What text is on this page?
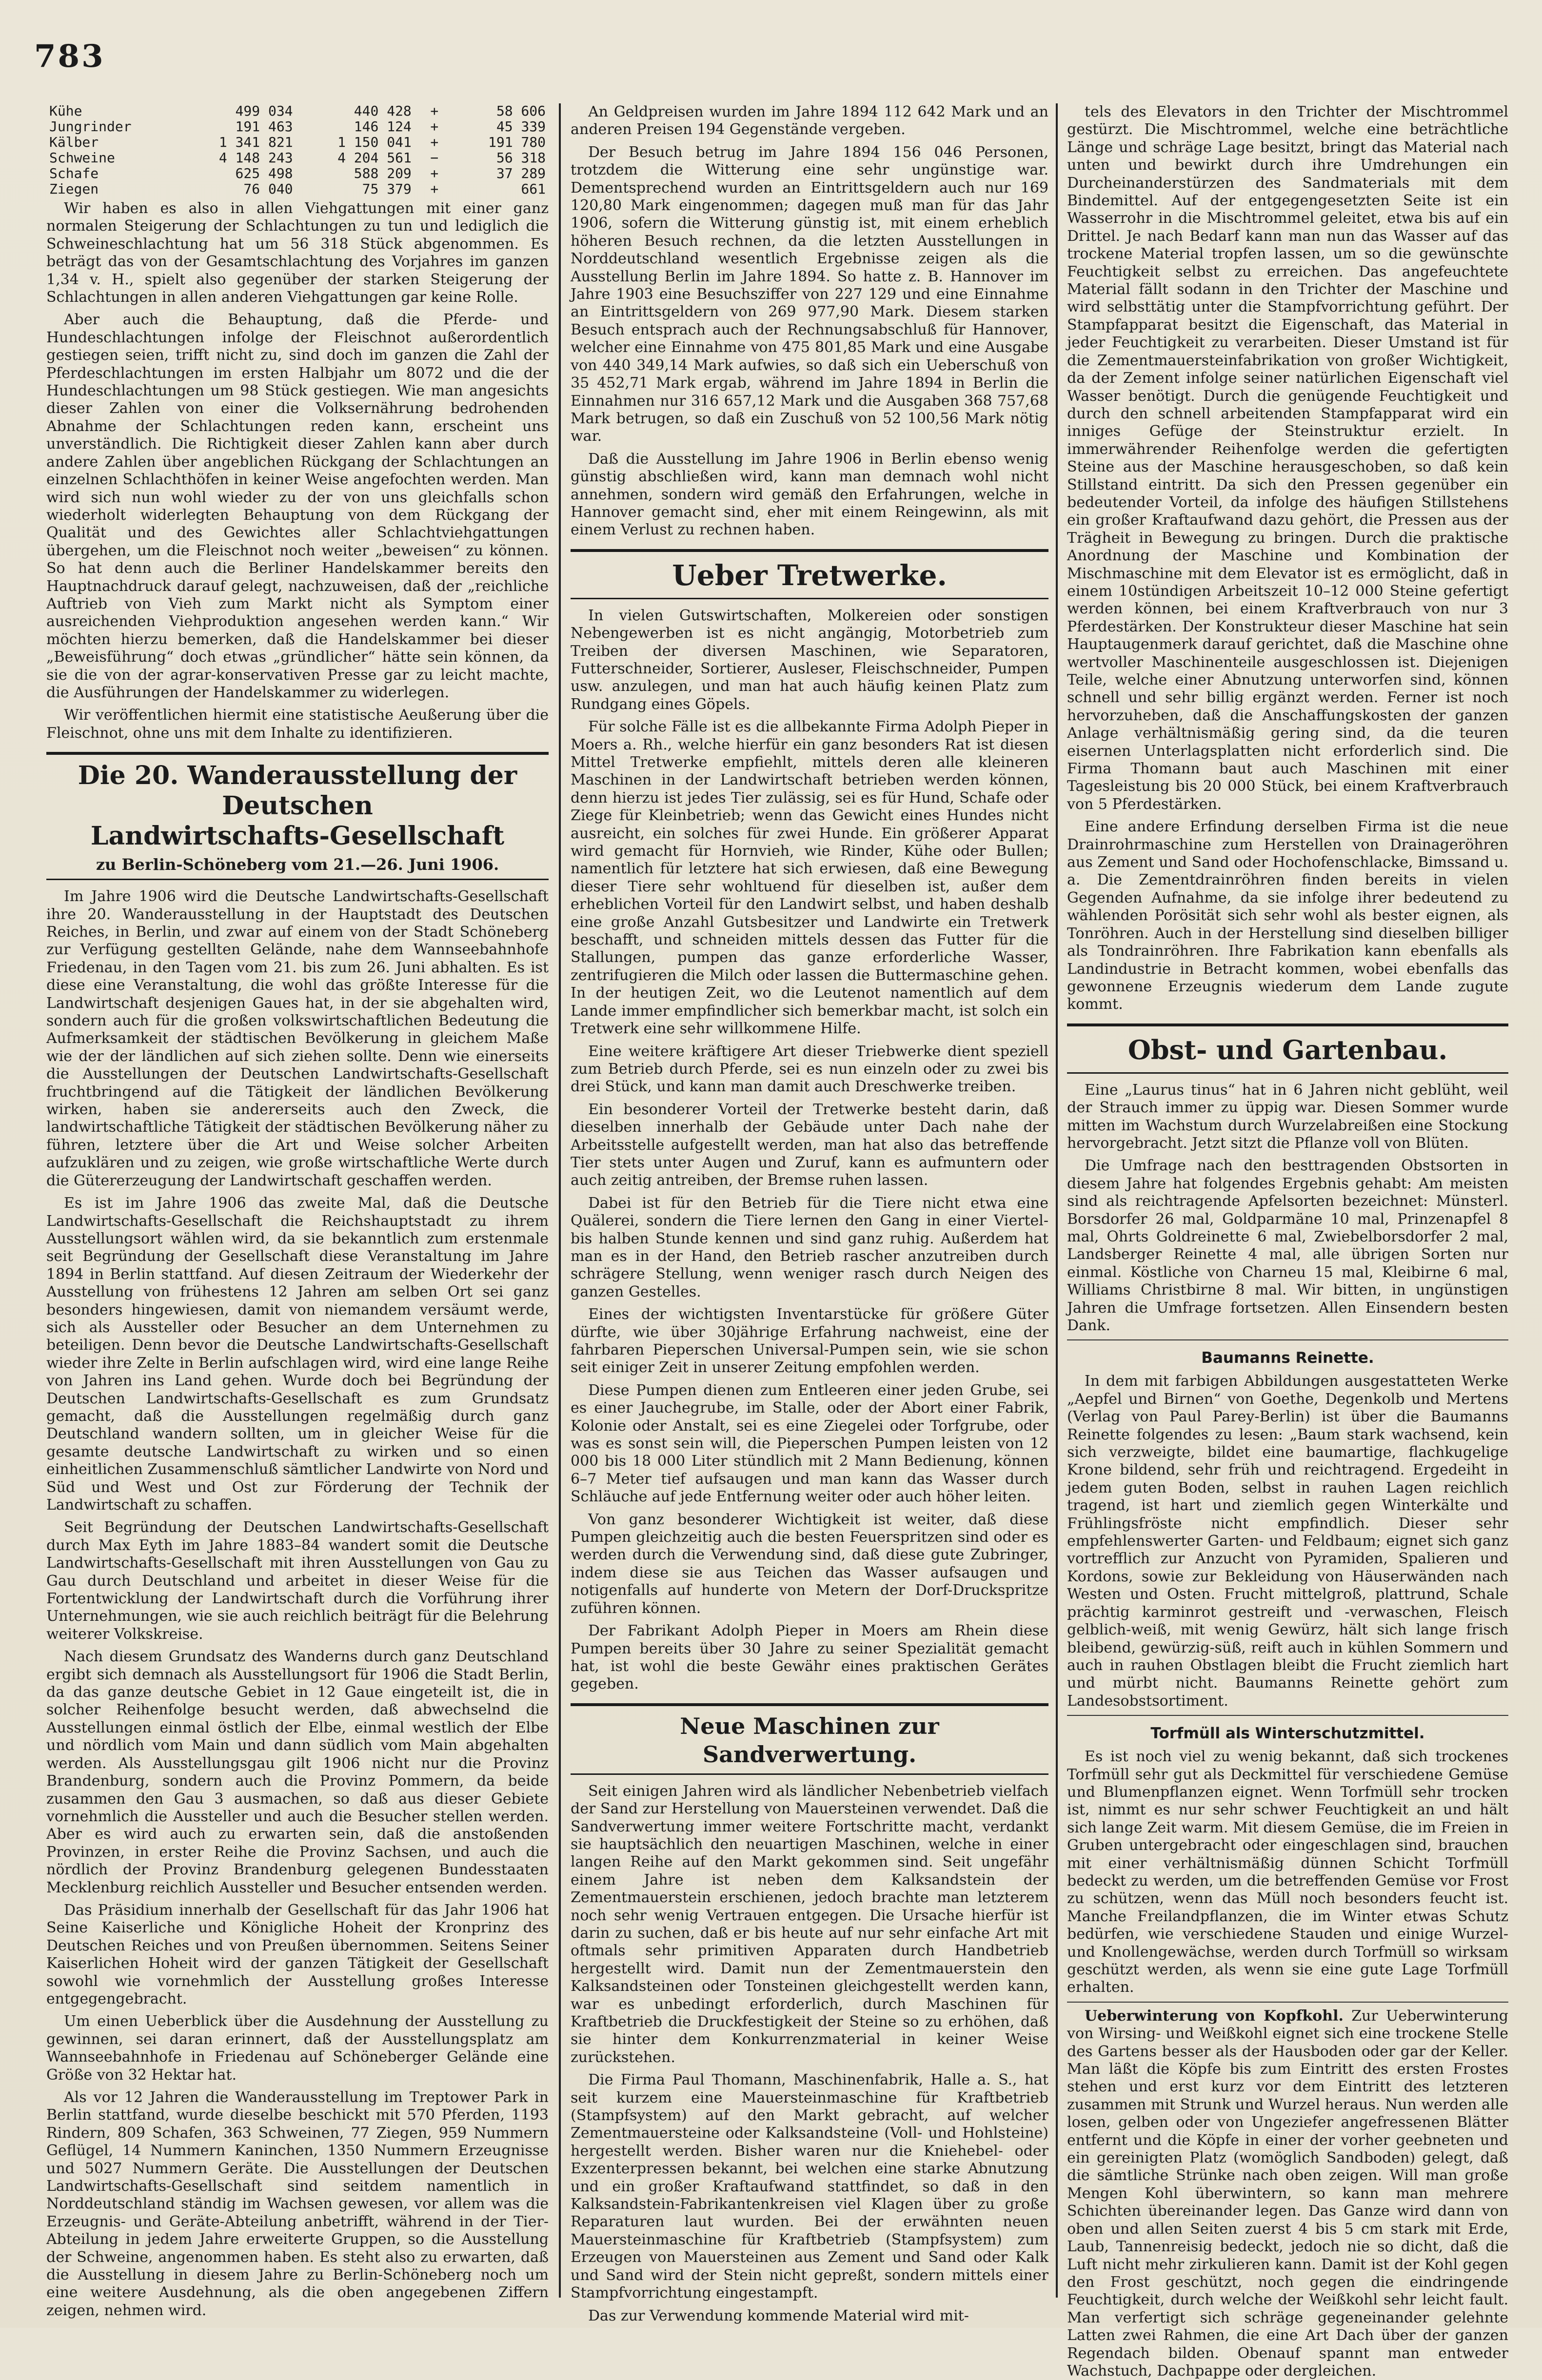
783
Kühe	499 034	440 428	+	58 606
Jungrinder	191 463	146 124	+	45 339
Kälber	1 341 821	1 150 041	+	191 780
Schweine	4 148 243	4 204 561	−	56 318
Schafe	625 498	588 209	+	37 289
Ziegen	76 040	75 379	+	661

Wir haben es also in allen Viehgattungen mit einer ganz normalen Steigerung der Schlachtungen zu tun und lediglich die Schweineschlachtung hat um 56 318 Stück abgenommen. Es beträgt das von der Gesamtschlachtung des Vorjahres im ganzen 1,34 v. H., spielt also gegenüber der starken Steigerung der Schlachtungen in allen anderen Viehgattungen gar keine Rolle.

Aber auch die Behauptung, daß die Pferde- und Hundeschlachtungen infolge der Fleischnot außerordentlich gestiegen seien, trifft nicht zu, sind doch im ganzen die Zahl der Pferdeschlachtungen im ersten Halbjahr um 8072 und die der Hundeschlachtungen um 98 Stück gestiegen. Wie man angesichts dieser Zahlen von einer die Volksernährung bedrohenden Abnahme der Schlachtungen reden kann, erscheint uns unverständlich. Die Richtigkeit dieser Zahlen kann aber durch andere Zahlen über angeblichen Rückgang der Schlachtungen an einzelnen Schlachthöfen in keiner Weise angefochten werden. Man wird sich nun wohl wieder zu der von uns gleichfalls schon wiederholt widerlegten Behauptung von dem Rückgang der Qualität und des Gewichtes aller Schlachtviehgattungen übergehen, um die Fleischnot noch weiter „beweisen“ zu können. So hat denn auch die Berliner Handelskammer bereits den Hauptnachdruck darauf gelegt, nachzuweisen, daß der „reichliche Auftrieb von Vieh zum Markt nicht als Symptom einer ausreichenden Viehproduktion angesehen werden kann.“ Wir möchten hierzu bemerken, daß die Handelskammer bei dieser „Beweisführung“ doch etwas „gründlicher“ hätte sein können, da sie die von der agrar-konservativen Presse gar zu leicht machte, die Ausführungen der Handelskammer zu widerlegen.

Wir veröffentlichen hiermit eine statistische Aeußerung über die Fleischnot, ohne uns mit dem Inhalte zu identifizieren.

Die 20. Wanderausstellung der Deutschen
Landwirtschafts-Gesellschaft
zu Berlin-Schöneberg vom 21.—26. Juni 1906.

Im Jahre 1906 wird die Deutsche Landwirtschafts-Gesellschaft ihre 20. Wanderausstellung in der Hauptstadt des Deutschen Reiches, in Berlin, und zwar auf einem von der Stadt Schöneberg zur Verfügung gestellten Gelände, nahe dem Wannseebahnhofe Friedenau, in den Tagen vom 21. bis zum 26. Juni abhalten. Es ist diese eine Veranstaltung, die wohl das größte Interesse für die Landwirtschaft desjenigen Gaues hat, in der sie abgehalten wird, sondern auch für die großen volkswirtschaftlichen Bedeutung die Aufmerksamkeit der städtischen Bevölkerung in gleichem Maße wie der der ländlichen auf sich ziehen sollte. Denn wie einerseits die Ausstellungen der Deutschen Landwirtschafts-Gesellschaft fruchtbringend auf die Tätigkeit der ländlichen Bevölkerung wirken, haben sie andererseits auch den Zweck, die landwirtschaftliche Tätigkeit der städtischen Bevölkerung näher zu führen, letztere über die Art und Weise solcher Arbeiten aufzuklären und zu zeigen, wie große wirtschaftliche Werte durch die Gütererzeugung der Landwirtschaft geschaffen werden.

Es ist im Jahre 1906 das zweite Mal, daß die Deutsche Landwirtschafts-Gesellschaft die Reichshauptstadt zu ihrem Ausstellungsort wählen wird, da sie bekanntlich zum erstenmale seit Begründung der Gesellschaft diese Veranstaltung im Jahre 1894 in Berlin stattfand. Auf diesen Zeitraum der Wiederkehr der Ausstellung von frühestens 12 Jahren am selben Ort sei ganz besonders hingewiesen, damit von niemandem versäumt werde, sich als Aussteller oder Besucher an dem Unternehmen zu beteiligen. Denn bevor die Deutsche Landwirtschafts-Gesellschaft wieder ihre Zelte in Berlin aufschlagen wird, wird eine lange Reihe von Jahren ins Land gehen. Wurde doch bei Begründung der Deutschen Landwirtschafts-Gesellschaft es zum Grundsatz gemacht, daß die Ausstellungen regelmäßig durch ganz Deutschland wandern sollten, um in gleicher Weise für die gesamte deutsche Landwirtschaft zu wirken und so einen einheitlichen Zusammenschluß sämtlicher Landwirte von Nord und Süd und West und Ost zur Förderung der Technik der Landwirtschaft zu schaffen.

Seit Begründung der Deutschen Landwirtschafts-Gesellschaft durch Max Eyth im Jahre 1883–84 wandert somit die Deutsche Landwirtschafts-Gesellschaft mit ihren Ausstellungen von Gau zu Gau durch Deutschland und arbeitet in dieser Weise für die Fortentwicklung der Landwirtschaft durch die Vorführung ihrer Unternehmungen, wie sie auch reichlich beiträgt für die Belehrung weiterer Volkskreise.

Nach diesem Grundsatz des Wanderns durch ganz Deutschland ergibt sich demnach als Ausstellungsort für 1906 die Stadt Berlin, da das ganze deutsche Gebiet in 12 Gaue eingeteilt ist, die in solcher Reihenfolge besucht werden, daß abwechselnd die Ausstellungen einmal östlich der Elbe, einmal westlich der Elbe und nördlich vom Main und dann südlich vom Main abgehalten werden. Als Ausstellungsgau gilt 1906 nicht nur die Provinz Brandenburg, sondern auch die Provinz Pommern, da beide zusammen den Gau 3 ausmachen, so daß aus dieser Gebiete vornehmlich die Aussteller und auch die Besucher stellen werden. Aber es wird auch zu erwarten sein, daß die anstoßenden Provinzen, in erster Reihe die Provinz Sachsen, und auch die nördlich der Provinz Brandenburg gelegenen Bundesstaaten Mecklenburg reichlich Aussteller und Besucher entsenden werden.

Das Präsidium innerhalb der Gesellschaft für das Jahr 1906 hat Seine Kaiserliche und Königliche Hoheit der Kronprinz des Deutschen Reiches und von Preußen übernommen. Seitens Seiner Kaiserlichen Hoheit wird der ganzen Tätigkeit der Gesellschaft sowohl wie vornehmlich der Ausstellung großes Interesse entgegengebracht.

Um einen Ueberblick über die Ausdehnung der Ausstellung zu gewinnen, sei daran erinnert, daß der Ausstellungsplatz am Wannseebahnhofe in Friedenau auf Schöneberger Gelände eine Größe von 32 Hektar hat.

Als vor 12 Jahren die Wanderausstellung im Treptower Park in Berlin stattfand, wurde dieselbe beschickt mit 570 Pferden, 1193 Rindern, 809 Schafen, 363 Schweinen, 77 Ziegen, 959 Nummern Geflügel, 14 Nummern Kaninchen, 1350 Nummern Erzeugnisse und 5027 Nummern Geräte. Die Ausstellungen der Deutschen Landwirtschafts-Gesellschaft sind seitdem namentlich in Norddeutschland ständig im Wachsen gewesen, vor allem was die Erzeugnis- und Geräte-Abteilung anbetrifft, während in der Tier-Abteilung in jedem Jahre erweiterte Gruppen, so die Ausstellung der Schweine, angenommen haben. Es steht also zu erwarten, daß die Ausstellung in diesem Jahre zu Berlin-Schöneberg noch um eine weitere Ausdehnung, als die oben angegebenen Ziffern zeigen, nehmen wird.

An Geldpreisen wurden im Jahre 1894 112 642 Mark und an anderen Preisen 194 Gegenstände vergeben.

Der Besuch betrug im Jahre 1894 156 046 Personen, trotzdem die Witterung eine sehr ungünstige war. Dementsprechend wurden an Eintrittsgeldern auch nur 169 120,80 Mark eingenommen; dagegen muß man für das Jahr 1906, sofern die Witterung günstig ist, mit einem erheblich höheren Besuch rechnen, da die letzten Ausstellungen in Norddeutschland wesentlich Ergebnisse zeigen als die Ausstellung Berlin im Jahre 1894. So hatte z. B. Hannover im Jahre 1903 eine Besuchsziffer von 227 129 und eine Einnahme an Eintrittsgeldern von 269 977,90 Mark. Diesem starken Besuch entsprach auch der Rechnungsabschluß für Hannover, welcher eine Einnahme von 475 801,85 Mark und eine Ausgabe von 440 349,14 Mark aufwies, so daß sich ein Ueberschuß von 35 452,71 Mark ergab, während im Jahre 1894 in Berlin die Einnahmen nur 316 657,12 Mark und die Ausgaben 368 757,68 Mark betrugen, so daß ein Zuschuß von 52 100,56 Mark nötig war.

Daß die Ausstellung im Jahre 1906 in Berlin ebenso wenig günstig abschließen wird, kann man demnach wohl nicht annehmen, sondern wird gemäß den Erfahrungen, welche in Hannover gemacht sind, eher mit einem Reingewinn, als mit einem Verlust zu rechnen haben.

Ueber Tretwerke.

In vielen Gutswirtschaften, Molkereien oder sonstigen Nebengewerben ist es nicht angängig, Motorbetrieb zum Treiben der diversen Maschinen, wie Separatoren, Futterschneider, Sortierer, Ausleser, Fleischschneider, Pumpen usw. anzulegen, und man hat auch häufig keinen Platz zum Rundgang eines Göpels.

Für solche Fälle ist es die allbekannte Firma Adolph Pieper in Moers a. Rh., welche hierfür ein ganz besonders Rat ist diesen Mittel Tretwerke empfiehlt, mittels deren alle kleineren Maschinen in der Landwirtschaft betrieben werden können, denn hierzu ist jedes Tier zulässig, sei es für Hund, Schafe oder Ziege für Kleinbetrieb; wenn das Gewicht eines Hundes nicht ausreicht, ein solches für zwei Hunde. Ein größerer Apparat wird gemacht für Hornvieh, wie Rinder, Kühe oder Bullen; namentlich für letztere hat sich erwiesen, daß eine Bewegung dieser Tiere sehr wohltuend für dieselben ist, außer dem erheblichen Vorteil für den Landwirt selbst, und haben deshalb eine große Anzahl Gutsbesitzer und Landwirte ein Tretwerk beschafft, und schneiden mittels dessen das Futter für die Stallungen, pumpen das ganze erforderliche Wasser, zentrifugieren die Milch oder lassen die Buttermaschine gehen. In der heutigen Zeit, wo die Leutenot namentlich auf dem Lande immer empfindlicher sich bemerkbar macht, ist solch ein Tretwerk eine sehr willkommene Hilfe.

Eine weitere kräftigere Art dieser Triebwerke dient speziell zum Betrieb durch Pferde, sei es nun einzeln oder zu zwei bis drei Stück, und kann man damit auch Dreschwerke treiben.

Ein besonderer Vorteil der Tretwerke besteht darin, daß dieselben innerhalb der Gebäude unter Dach nahe der Arbeitsstelle aufgestellt werden, man hat also das betreffende Tier stets unter Augen und Zuruf, kann es aufmuntern oder auch zeitig antreiben, der Bremse ruhen lassen.

Dabei ist für den Betrieb für die Tiere nicht etwa eine Quälerei, sondern die Tiere lernen den Gang in einer Viertel- bis halben Stunde kennen und sind ganz ruhig. Außerdem hat man es in der Hand, den Betrieb rascher anzutreiben durch schrägere Stellung, wenn weniger rasch durch Neigen des ganzen Gestelles.

Eines der wichtigsten Inventarstücke für größere Güter dürfte, wie über 30jährige Erfahrung nachweist, eine der fahrbaren Pieperschen Universal-Pumpen sein, wie sie schon seit einiger Zeit in unserer Zeitung empfohlen werden.

Diese Pumpen dienen zum Entleeren einer jeden Grube, sei es einer Jauchegrube, im Stalle, oder der Abort einer Fabrik, Kolonie oder Anstalt, sei es eine Ziegelei oder Torfgrube, oder was es sonst sein will, die Pieperschen Pumpen leisten von 12 000 bis 18 000 Liter stündlich mit 2 Mann Bedienung, können 6–7 Meter tief aufsaugen und man kann das Wasser durch Schläuche auf jede Entfernung weiter oder auch höher leiten.

Von ganz besonderer Wichtigkeit ist weiter, daß diese Pumpen gleichzeitig auch die besten Feuerspritzen sind oder es werden durch die Verwendung sind, daß diese gute Zubringer, indem diese sie aus Teichen das Wasser aufsaugen und notigenfalls auf hunderte von Metern der Dorf-Druckspritze zuführen können.

Der Fabrikant Adolph Pieper in Moers am Rhein diese Pumpen bereits über 30 Jahre zu seiner Spezialität gemacht hat, ist wohl die beste Gewähr eines praktischen Gerätes gegeben.

Neue Maschinen zur Sandverwertung.

Seit einigen Jahren wird als ländlicher Nebenbetrieb vielfach der Sand zur Herstellung von Mauersteinen verwendet. Daß die Sandverwertung immer weitere Fortschritte macht, verdankt sie hauptsächlich den neuartigen Maschinen, welche in einer langen Reihe auf den Markt gekommen sind. Seit ungefähr einem Jahre ist neben dem Kalksandstein der Zementmauerstein erschienen, jedoch brachte man letzterem noch sehr wenig Vertrauen entgegen. Die Ursache hierfür ist darin zu suchen, daß er bis heute auf nur sehr einfache Art mit oftmals sehr primitiven Apparaten durch Handbetrieb hergestellt wird. Damit nun der Zementmauerstein den Kalksandsteinen oder Tonsteinen gleichgestellt werden kann, war es unbedingt erforderlich, durch Maschinen für Kraftbetrieb die Druckfestigkeit der Steine so zu erhöhen, daß sie hinter dem Konkurrenzmaterial in keiner Weise zurückstehen.

Die Firma Paul Thomann, Maschinenfabrik, Halle a. S., hat seit kurzem eine Mauersteinmaschine für Kraftbetrieb (Stampfsystem) auf den Markt gebracht, auf welcher Zementmauersteine oder Kalksandsteine (Voll- und Hohlsteine) hergestellt werden. Bisher waren nur die Kniehebel- oder Exzenterpressen bekannt, bei welchen eine starke Abnutzung und ein großer Kraftaufwand stattfindet, so daß in den Kalksandstein-Fabrikantenkreisen viel Klagen über zu große Reparaturen laut wurden. Bei der erwähnten neuen Mauersteinmaschine für Kraftbetrieb (Stampfsystem) zum Erzeugen von Mauersteinen aus Zement und Sand oder Kalk und Sand wird der Stein nicht gepreßt, sondern mittels einer Stampfvorrichtung eingestampft.

Das zur Verwendung kommende Material wird mit-

tels des Elevators in den Trichter der Mischtrommel gestürzt. Die Mischtrommel, welche eine beträchtliche Länge und schräge Lage besitzt, bringt das Material nach unten und bewirkt durch ihre Umdrehungen ein Durcheinanderstürzen des Sandmaterials mit dem Bindemittel. Auf der entgegengesetzten Seite ist ein Wasserrohr in die Mischtrommel geleitet, etwa bis auf ein Drittel. Je nach Bedarf kann man nun das Wasser auf das trockene Material tropfen lassen, um so die gewünschte Feuchtigkeit selbst zu erreichen. Das angefeuchtete Material fällt sodann in den Trichter der Maschine und wird selbsttätig unter die Stampfvorrichtung geführt. Der Stampfapparat besitzt die Eigenschaft, das Material in jeder Feuchtigkeit zu verarbeiten. Dieser Umstand ist für die Zementmauersteinfabrikation von großer Wichtigkeit, da der Zement infolge seiner natürlichen Eigenschaft viel Wasser benötigt. Durch die genügende Feuchtigkeit und durch den schnell arbeitenden Stampfapparat wird ein inniges Gefüge der Steinstruktur erzielt. In immerwährender Reihenfolge werden die gefertigten Steine aus der Maschine herausgeschoben, so daß kein Stillstand eintritt. Da sich den Pressen gegenüber ein bedeutender Vorteil, da infolge des häufigen Stillstehens ein großer Kraftaufwand dazu gehört, die Pressen aus der Trägheit in Bewegung zu bringen. Durch die praktische Anordnung der Maschine und Kombination der Mischmaschine mit dem Elevator ist es ermöglicht, daß in einem 10stündigen Arbeitszeit 10–12 000 Steine gefertigt werden können, bei einem Kraftverbrauch von nur 3 Pferdestärken. Der Konstrukteur dieser Maschine hat sein Hauptaugenmerk darauf gerichtet, daß die Maschine ohne wertvoller Maschinenteile ausgeschlossen ist. Diejenigen Teile, welche einer Abnutzung unterworfen sind, können schnell und sehr billig ergänzt werden. Ferner ist noch hervorzuheben, daß die Anschaffungskosten der ganzen Anlage verhältnismäßig gering sind, da die teuren eisernen Unterlagsplatten nicht erforderlich sind. Die Firma Thomann baut auch Maschinen mit einer Tagesleistung bis 20 000 Stück, bei einem Kraftverbrauch von 5 Pferdestärken.

Eine andere Erfindung derselben Firma ist die neue Drainrohrmaschine zum Herstellen von Drainageröhren aus Zement und Sand oder Hochofenschlacke, Bimssand u. a. Die Zementdrainröhren finden bereits in vielen Gegenden Aufnahme, da sie infolge ihrer bedeutend zu wählenden Porösität sich sehr wohl als bester eignen, als Tonröhren. Auch in der Herstellung sind dieselben billiger als Tondrainröhren. Ihre Fabrikation kann ebenfalls als Landindustrie in Betracht kommen, wobei ebenfalls das gewonnene Erzeugnis wiederum dem Lande zugute kommt.

Obst- und Gartenbau.

Eine „Laurus tinus“ hat in 6 Jahren nicht geblüht, weil der Strauch immer zu üppig war. Diesen Sommer wurde mitten im Wachstum durch Wurzelabreißen eine Stockung hervorgebracht. Jetzt sitzt die Pflanze voll von Blüten.

Die Umfrage nach den besttragenden Obstsorten in diesem Jahre hat folgendes Ergebnis gehabt: Am meisten sind als reichtragende Apfelsorten bezeichnet: Münsterl. Borsdorfer 26 mal, Goldparmäne 10 mal, Prinzenapfel 8 mal, Ohrts Goldreinette 6 mal, Zwiebelborsdorfer 2 mal, Landsberger Reinette 4 mal, alle übrigen Sorten nur einmal. Köstliche von Charneu 15 mal, Kleibirne 6 mal, Williams Christbirne 8 mal. Wir bitten, in ungünstigen Jahren die Umfrage fortsetzen. Allen Einsendern besten Dank.

Baumanns Reinette.

In dem mit farbigen Abbildungen ausgestatteten Werke „Aepfel und Birnen“ von Goethe, Degenkolb und Mertens (Verlag von Paul Parey-Berlin) ist über die Baumanns Reinette folgendes zu lesen: „Baum stark wachsend, kein sich verzweigte, bildet eine baumartige, flachkugelige Krone bildend, sehr früh und reichtragend. Ergedeiht in jedem guten Boden, selbst in rauhen Lagen reichlich tragend, ist hart und ziemlich gegen Winterkälte und Frühlingsfröste nicht empfindlich. Dieser sehr empfehlenswerter Garten- und Feldbaum; eignet sich ganz vortrefflich zur Anzucht von Pyramiden, Spalieren und Kordons, sowie zur Bekleidung von Häuserwänden nach Westen und Osten. Frucht mittelgroß, plattrund, Schale prächtig karminrot gestreift und -verwaschen, Fleisch gelblich-weiß, mit wenig Gewürz, hält sich lange frisch bleibend, gewürzig-süß, reift auch in kühlen Sommern und auch in rauhen Obstlagen bleibt die Frucht ziemlich hart und mürbt nicht. Baumanns Reinette gehört zum Landesobstsortiment.

Torfmüll als Winterschutzmittel.

Es ist noch viel zu wenig bekannt, daß sich trockenes Torfmüll sehr gut als Deckmittel für verschiedene Gemüse und Blumenpflanzen eignet. Wenn Torfmüll sehr trocken ist, nimmt es nur sehr schwer Feuchtigkeit an und hält sich lange Zeit warm. Mit diesem Gemüse, die im Freien in Gruben untergebracht oder eingeschlagen sind, brauchen mit einer verhältnismäßig dünnen Schicht Torfmüll bedeckt zu werden, um die betreffenden Gemüse vor Frost zu schützen, wenn das Müll noch besonders feucht ist. Manche Freilandpflanzen, die im Winter etwas Schutz bedürfen, wie verschiedene Stauden und einige Wurzel- und Knollengewächse, werden durch Torfmüll so wirksam geschützt werden, als wenn sie eine gute Lage Torfmüll erhalten.

Ueberwinterung von Kopfkohl. Zur Ueberwinterung von Wirsing- und Weißkohl eignet sich eine trockene Stelle des Gartens besser als der Hausboden oder gar der Keller. Man läßt die Köpfe bis zum Eintritt des ersten Frostes stehen und erst kurz vor dem Eintritt des letzteren zusammen mit Strunk und Wurzel heraus. Nun werden alle losen, gelben oder von Ungeziefer angefressenen Blätter entfernt und die Köpfe in einer der vorher geebneten und ein gereinigten Platz (womöglich Sandboden) gelegt, daß die sämtliche Strünke nach oben zeigen. Will man große Mengen Kohl überwintern, so kann man mehrere Schichten übereinander legen. Das Ganze wird dann von oben und allen Seiten zuerst 4 bis 5 cm stark mit Erde, Laub, Tannenreisig bedeckt, jedoch nie so dicht, daß die Luft nicht mehr zirkulieren kann. Damit ist der Kohl gegen den Frost geschützt, noch gegen die eindringende Feuchtigkeit, durch welche der Weißkohl sehr leicht fault. Man verfertigt sich schräge gegeneinander gelehnte Latten zwei Rahmen, die eine Art Dach über der ganzen Regendach bilden. Obenauf spannt man entweder Wachstuch, Dachpappe oder dergleichen.
